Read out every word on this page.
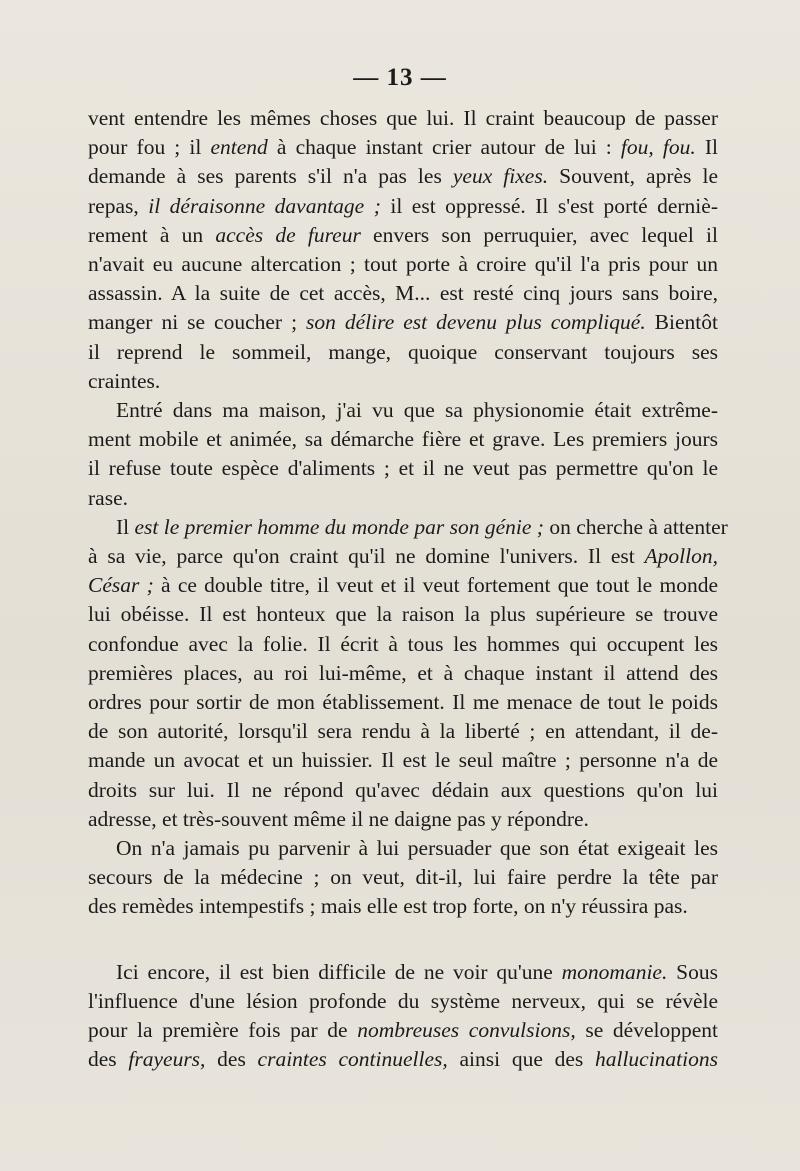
— 13 —
vent entendre les mêmes choses que lui. Il craint beaucoup de passer
pour fou ; il entend à chaque instant crier autour de lui : fou, fou. Il
demande à ses parents s'il n'a pas les yeux fixes. Souvent, après le
repas, il déraisonne davantage ; il est oppressé. Il s'est porté derniè-
rement à un accès de fureur envers son perruquier, avec lequel il
n'avait eu aucune altercation ; tout porte à croire qu'il l'a pris pour un
assassin. A la suite de cet accès, M... est resté cinq jours sans boire,
manger ni se coucher ; son délire est devenu plus compliqué. Bientôt
il reprend le sommeil, mange, quoique conservant toujours ses
craintes.
Entré dans ma maison, j'ai vu que sa physionomie était extrême-
ment mobile et animée, sa démarche fière et grave. Les premiers jours
il refuse toute espèce d'aliments ; et il ne veut pas permettre qu'on le
rase.
Il est le premier homme du monde par son génie ; on cherche à attenter
à sa vie, parce qu'on craint qu'il ne domine l'univers. Il est Apollon,
César ; à ce double titre, il veut et il veut fortement que tout le monde
lui obéisse. Il est honteux que la raison la plus supérieure se trouve
confondue avec la folie. Il écrit à tous les hommes qui occupent les
premières places, au roi lui-même, et à chaque instant il attend des
ordres pour sortir de mon établissement. Il me menace de tout le poids
de son autorité, lorsqu'il sera rendu à la liberté ; en attendant, il de-
mande un avocat et un huissier. Il est le seul maître ; personne n'a de
droits sur lui. Il ne répond qu'avec dédain aux questions qu'on lui
adresse, et très-souvent même il ne daigne pas y répondre.
On n'a jamais pu parvenir à lui persuader que son état exigeait les
secours de la médecine ; on veut, dit-il, lui faire perdre la tête par
des remèdes intempestifs ; mais elle est trop forte, on n'y réussira pas.
Ici encore, il est bien difficile de ne voir qu'une monomanie. Sous
l'influence d'une lésion profonde du système nerveux, qui se révèle
pour la première fois par de nombreuses convulsions, se développent
des frayeurs, des craintes continuelles, ainsi que des hallucinations
